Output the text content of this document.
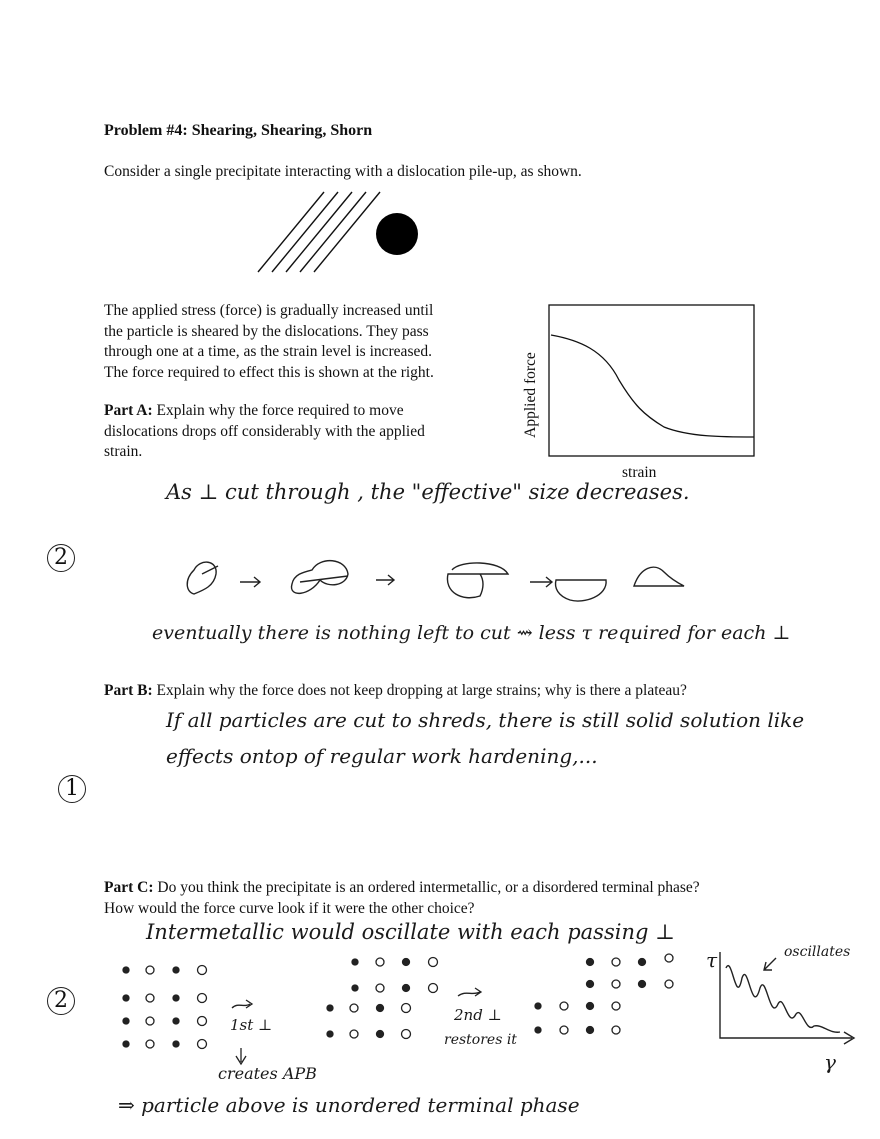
Problem #4: Shearing, Shearing, Shorn
Consider a single precipitate interacting with a dislocation pile-up, as shown.
The applied stress (force) is gradually increased until
the particle is sheared by the dislocations. They pass
through one at a time, as the strain level is increased.
The force required to effect this is shown at the right.	Applied force
strain
Part A: Explain why the force required to move
dislocations drops off considerably with the applied
strain.
As ⊥ cut through , the "effective" size decreases.
2
eventually there is nothing left to cut ⇝ less τ required for each ⊥
Part B: Explain why the force does not keep dropping at large strains; why is there a plateau?
If all particles are cut to shreds, there is still solid solution like
effects ontop of regular work hardening,...
1
Part C: Do you think the precipitate is an ordered intermetallic, or a disordered terminal phase?
How would the force curve look if it were the other choice?
Intermetallic would oscillate with each passing ⊥
2
1st ⊥
2nd ⊥
creates APB
restores it
τ	oscillates
γ
⇒ particle above is unordered terminal phase
